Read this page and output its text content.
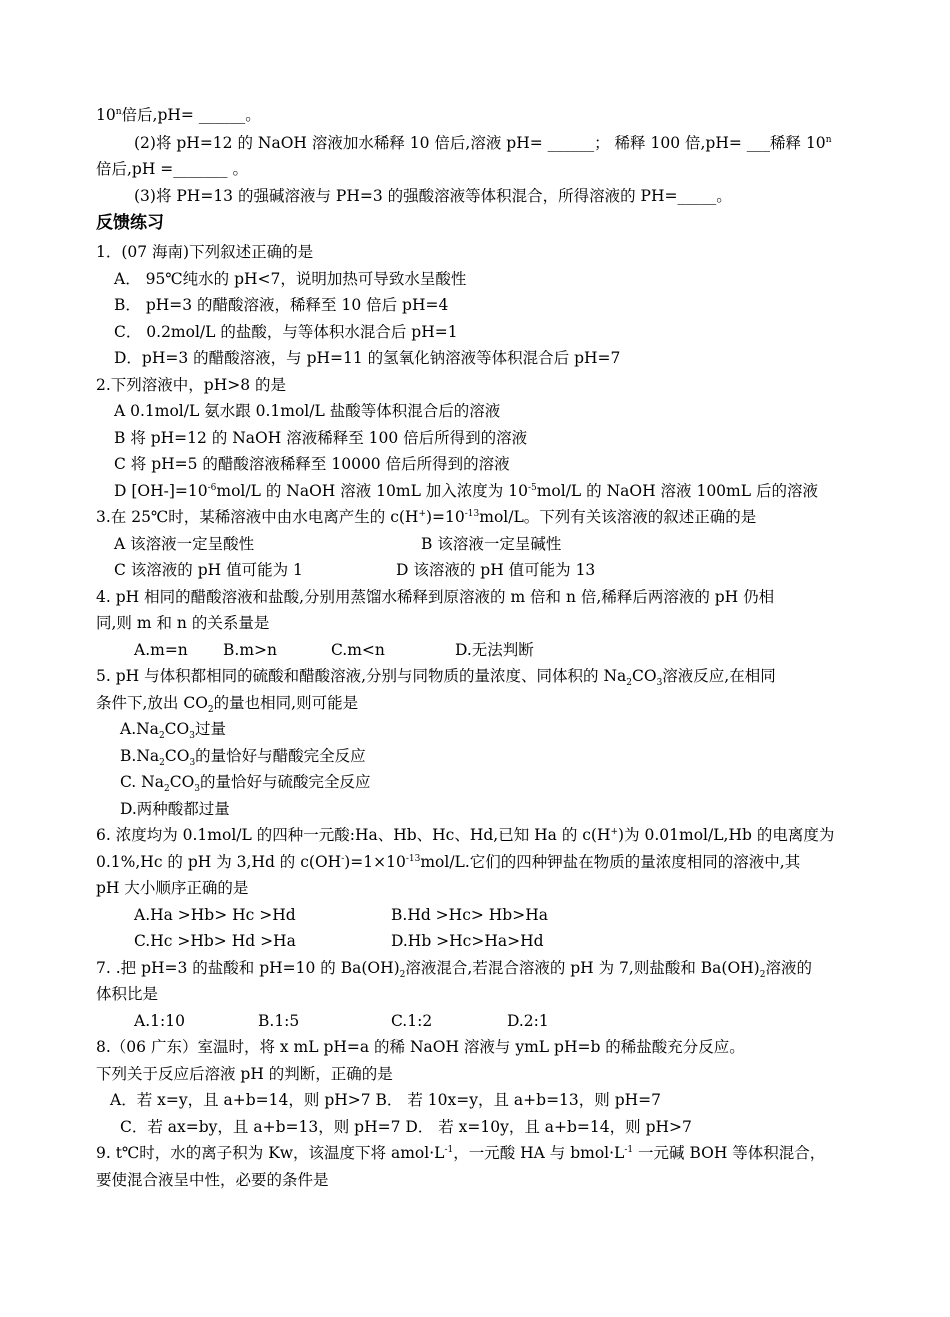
10$^n$倍后,pH= ______。
(2)将 pH=12 的 NaOH 溶液加水稀释 10 倍后,溶液 pH= ______； 稀释 100 倍,pH= ___稀释 10$^n$
倍后,pH =_______ 。
(3)将 PH=13 的强碱溶液与 PH=3 的强酸溶液等体积混合，所得溶液的 PH=_____。
反馈练习
1．(07 海南)下列叙述正确的是
A． 95℃纯水的 pH<7，说明加热可导致水呈酸性
B． pH=3 的醋酸溶液，稀释至 10 倍后 pH=4
C． 0.2mol/L 的盐酸，与等体积水混合后 pH=1
D．pH=3 的醋酸溶液，与 pH=11 的氢氧化钠溶液等体积混合后 pH=7
2.下列溶液中，pH>8 的是
A 0.1mol/L 氨水跟 0.1mol/L 盐酸等体积混合后的溶液
B 将 pH=12 的 NaOH 溶液稀释至 100 倍后所得到的溶液
C 将 pH=5 的醋酸溶液稀释至 10000 倍后所得到的溶液
D $[OH-]=10^{-6}mol/L$ 的 NaOH 溶液 10mL 加入浓度为 $10^{-5}mol/L$ 的 NaOH 溶液 100mL 后的溶液
3.在 25℃时，某稀溶液中由水电离产生的 $c(H^+)=10^{-13}mol/L$。下列有关该溶液的叙述正确的是
A 该溶液一定呈酸性	B 该溶液一定呈碱性
C 该溶液的 pH 值可能为 1	D 该溶液的 pH 值可能为 13
4. pH 相同的醋酸溶液和盐酸,分别用蒸馏水稀释到原溶液的 m 倍和 n 倍,稀释后两溶液的 pH 仍相
同,则 m 和 n 的关系量是
A.m=n B.m>n	C.m<n	D.无法判断
5. pH 与体积都相同的硫酸和醋酸溶液,分别与同物质的量浓度、同体积的 $Na_2CO_3$溶液反应,在相同
条件下,放出 $CO_2$的量也相同,则可能是
$A.Na_2CO_3$过量
$B.Na_2CO_3$的量恰好与醋酸完全反应
C. $Na_2CO_3$的量恰好与硫酸完全反应
D.两种酸都过量
6. 浓度均为 0.1mol/L 的四种一元酸:Ha、Hb、Hc、Hd,已知 Ha 的 c(H+)为 0.01mol/L,Hb 的电离度为
0.1%,Hc 的 pH 为 3,Hd 的 $c(OH^-)=1\times 10^{-13}mol/L$.它们的四种钾盐在物质的量浓度相同的溶液中,其
pH 大小顺序正确的是
A.Ha >Hb> Hc >Hd	B.Hd >Hc> Hb>Ha
C.Hc >Hb> Hd >Ha	D.Hb >Hc>Ha>Hd
7. .把 pH=3 的盐酸和 pH=10 的 $Ba(OH)_2$溶液混合,若混合溶液的 pH 为 7,则盐酸和 $Ba(OH)_2$溶液的
体积比是
A.1:10	B.1:5	C.1:2	D.2:1
8.（06 广东）室温时，将 x mL pH=a 的稀 NaOH 溶液与 ymL pH=b 的稀盐酸充分反应。
下列关于反应后溶液 pH 的判断，正确的是
A．若 x=y，且 a+b=14，则 pH>7 B． 若 10x=y，且 a+b=13，则 pH=7
C．若 ax=by，且 a+b=13，则 pH=7 D． 若 x=10y，且 a+b=14，则 pH>7
9. t℃时，水的离子积为 Kw，该温度下将 $amol\cdot L^{-1}$，一元酸 HA 与 $bmol\cdot L^{-1}$ 一元碱 BOH 等体积混合，
要使混合液呈中性，必要的条件是
